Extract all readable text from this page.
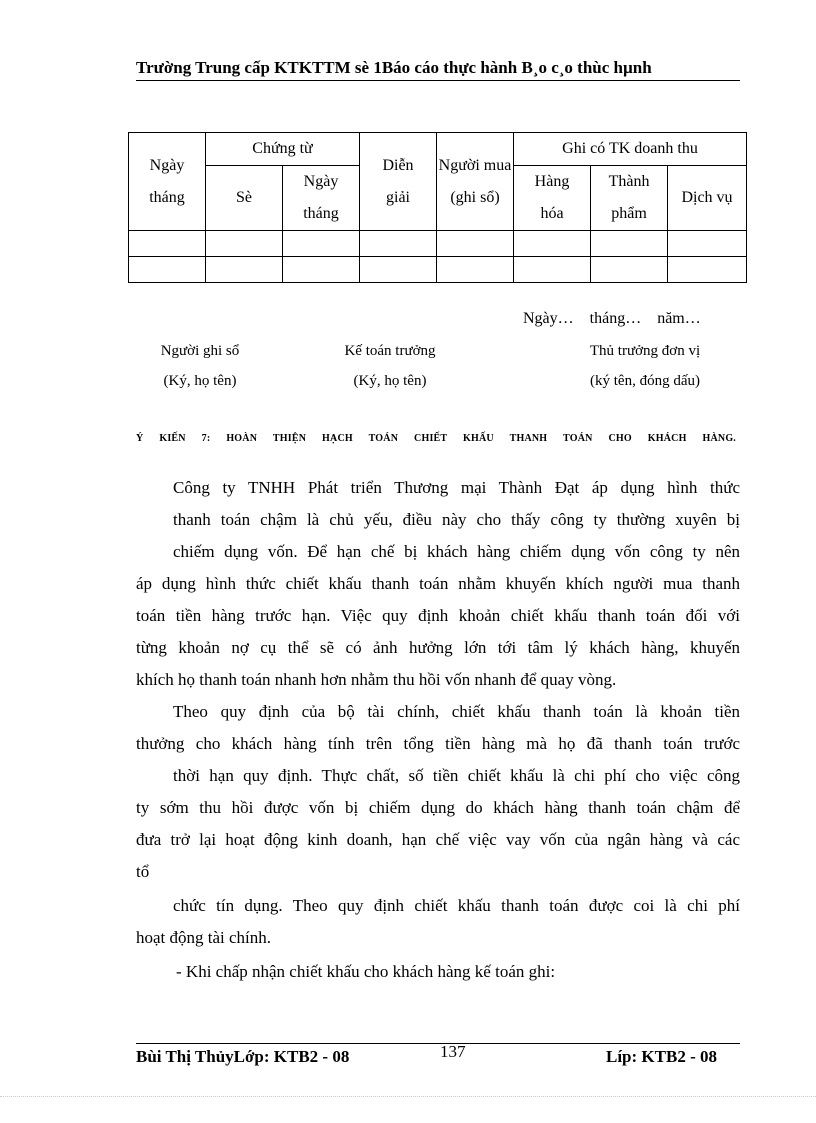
Trường Trung cấp KTKTTM sè 1Báo cáo thực hành B¸o c¸o thùc hµnh
Ngày tháng	Chứng từ		Diễn giải	Người mua (ghi sổ)	Ghi có TK doanh thu		
	Sè	Ngày tháng			Hàng hóa	Thành phẩm	Dịch vụ

Ngày…    tháng…    năm…
Người ghi sổ
(Ký, họ tên)
Kế toán trưởng
(Ký, họ tên)
Thủ trưởng đơn vị
(ký tên, đóng dấu)
Ý KIẾN 7: HOÀN THIỆN HẠCH TOÁN CHIẾT KHẤU THANH TOÁN CHO KHÁCH HÀNG.
Công ty TNHH Phát triển Thương mại Thành Đạt áp dụng hình thức
thanh toán chậm là chủ yếu, điều này cho thấy công ty thường xuyên bị
chiếm dụng vốn. Để hạn chế bị khách hàng chiếm dụng vốn công ty nên
áp dụng hình thức chiết khấu thanh toán nhằm khuyến khích người mua thanh
toán tiền hàng trước hạn. Việc quy định khoản chiết khấu thanh toán đối với
từng khoản nợ cụ thể sẽ có ảnh hưởng lớn tới tâm lý khách hàng, khuyến
khích họ thanh toán nhanh hơn nhằm thu hồi vốn nhanh để quay vòng.
Theo quy định của bộ tài chính, chiết khấu thanh toán là khoản tiền
thưởng cho khách hàng tính trên tổng tiền hàng mà họ đã thanh toán trước
thời hạn quy định. Thực chất, số tiền chiết khấu là chi phí cho việc công
ty sớm thu hồi được vốn bị chiếm dụng do khách hàng thanh toán chậm để
đưa trở lại hoạt động kinh doanh, hạn chế việc vay vốn của ngân hàng và các
tổ
chức tín dụng. Theo quy định chiết khấu thanh toán được coi là chi phí
hoạt động tài chính.
- Khi chấp nhận chiết khấu cho khách hàng kế toán ghi:
Bùi Thị ThủyLớp: KTB2 - 08	137	Líp: KTB2 - 08
